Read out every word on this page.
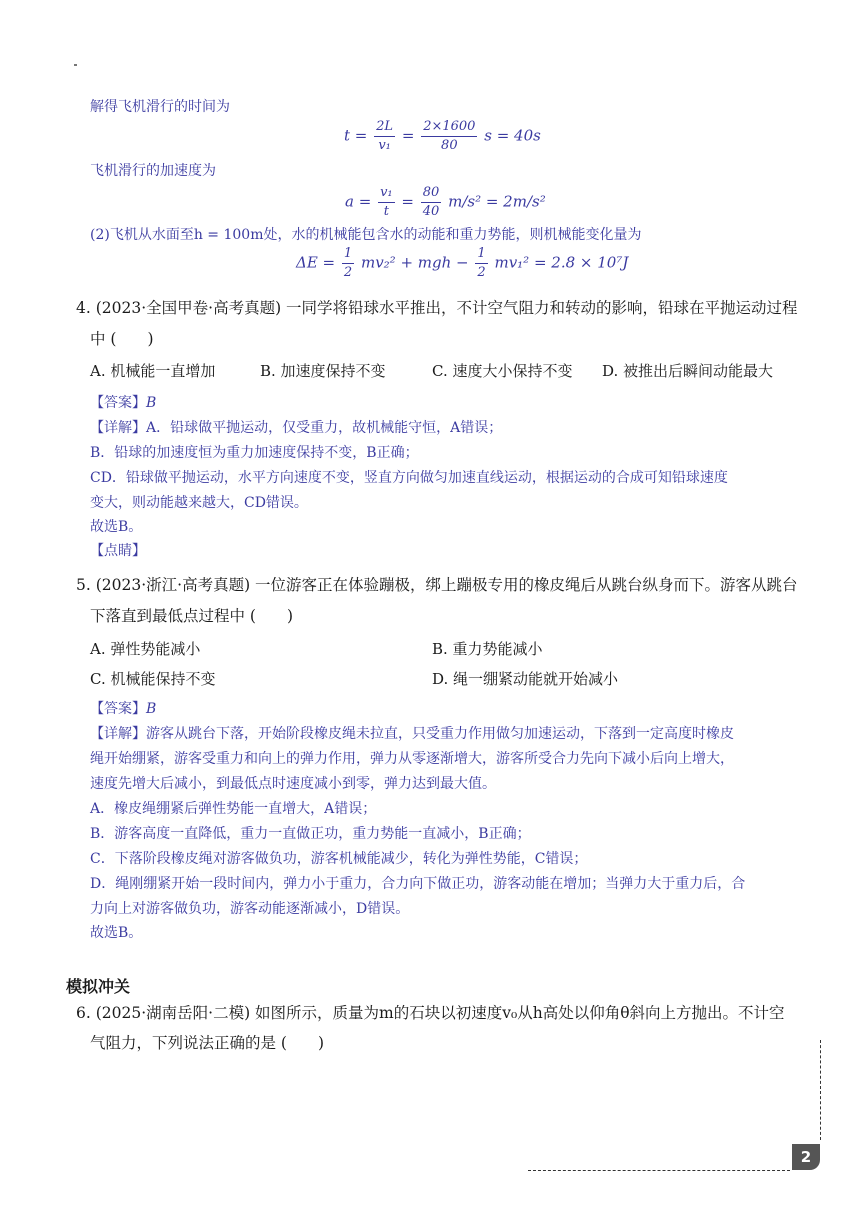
解得飞机滑行的时间为
$t = \frac{2L}{\text{v₁}} = \frac{2\times 1600}{80}$ s = 40s
飞机滑行的加速度为
$a = \frac{\text{v₁}}{t} = \frac{80}{40} m/s^2 = 2m/s^2$
(2)飞机从水面至h = 100m处，水的机械能包含水的动能和重力势能，则机械能变化量为
$\Delta E = \frac{1}{2} mv_2^2$ + mgh − $\frac{1}{2} mv_1^2 = 2.8 \times 10^7J$
4. (2023·全国甲卷·高考真题) 一同学将铅球水平推出，不计空气阻力和转动的影响，铅球在平抛运动过程
中 (　　)
A. 机械能一直增加	B. 加速度保持不变	C. 速度大小保持不变 D. 被推出后瞬间动能最大
【答案】B
【详解】A．铅球做平抛运动，仅受重力，故机械能守恒，A错误；
B．铅球的加速度恒为重力加速度保持不变，B正确；
CD．铅球做平抛运动，水平方向速度不变，竖直方向做匀加速直线运动，根据运动的合成可知铅球速度
变大，则动能越来越大，CD错误。
故选B。
【点睛】
5. (2023·浙江·高考真题) 一位游客正在体验蹦极，绑上蹦极专用的橡皮绳后从跳台纵身而下。游客从跳台
下落直到最低点过程中 (　　)
A. 弹性势能减小	B. 重力势能减小
C. 机械能保持不变	D. 绳一绷紧动能就开始减小
【答案】B
【详解】游客从跳台下落，开始阶段橡皮绳未拉直，只受重力作用做匀加速运动，下落到一定高度时橡皮
绳开始绷紧，游客受重力和向上的弹力作用，弹力从零逐渐增大，游客所受合力先向下减小后向上增大，
速度先增大后减小，到最低点时速度减小到零，弹力达到最大值。
A．橡皮绳绷紧后弹性势能一直增大，A错误；
B．游客高度一直降低，重力一直做正功，重力势能一直减小，B正确；
C．下落阶段橡皮绳对游客做负功，游客机械能减少，转化为弹性势能，C错误；
D．绳刚绷紧开始一段时间内，弹力小于重力，合力向下做正功，游客动能在增加；当弹力大于重力后，合
力向上对游客做负功，游客动能逐渐减小，D错误。
故选B。
模拟冲关
6. (2025·湖南岳阳·二模) 如图所示，质量为m的石块以初速度v₀从h高处以仰角θ斜向上方抛出。不计空
气阻力，下列说法正确的是 (　　)
2
